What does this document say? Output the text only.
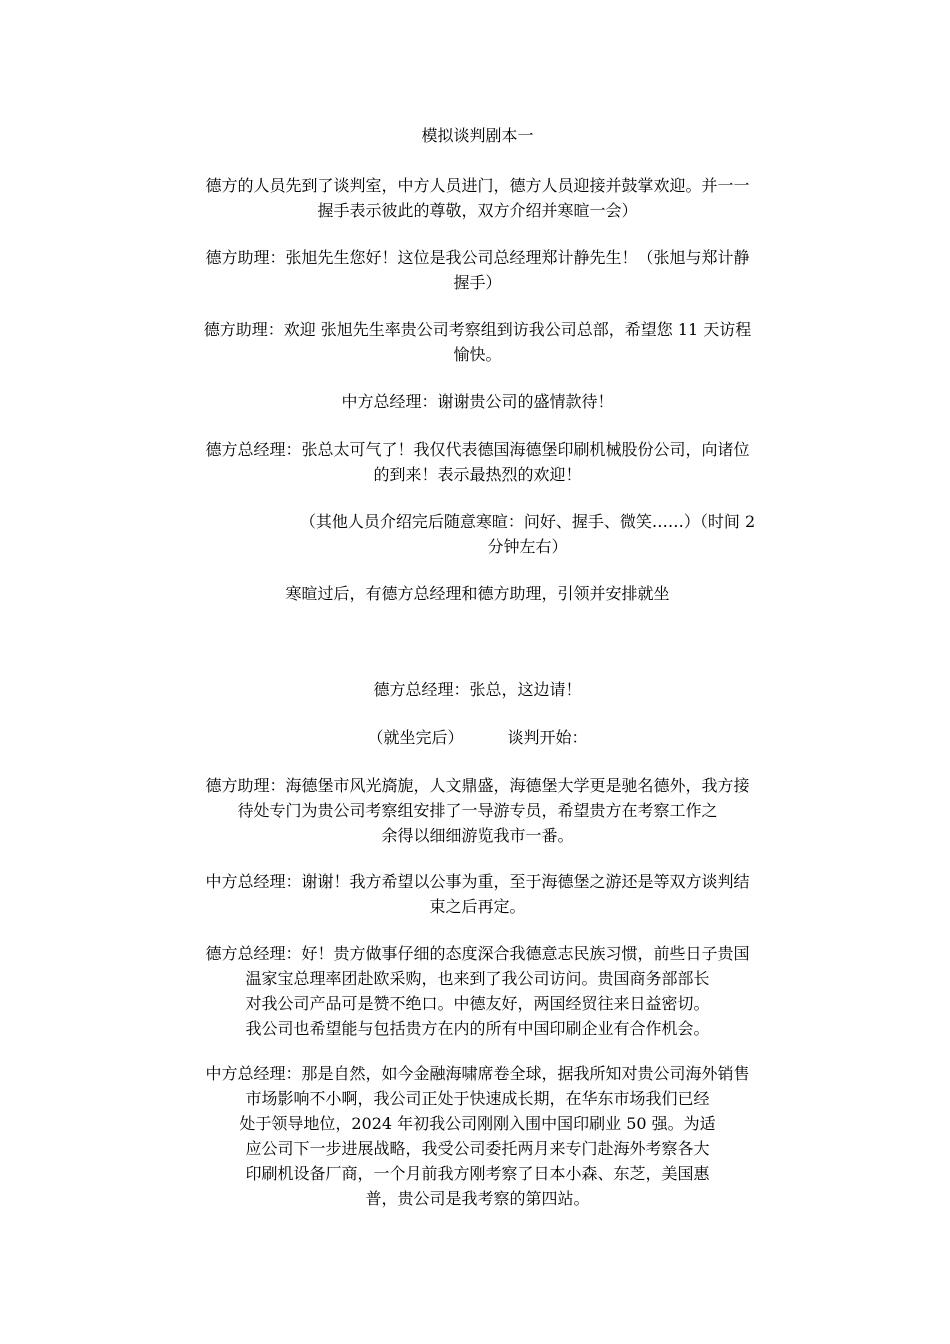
模拟谈判剧本一
德方的人员先到了谈判室，中方人员进门，德方人员迎接并鼓掌欢迎。并一一
握手表示彼此的尊敬，双方介绍并寒暄一会）
德方助理：张旭先生您好！这位是我公司总经理郑计静先生！（张旭与郑计静
握手）
德方助理：欢迎 张旭先生率贵公司考察组到访我公司总部，希望您 11 天访程
愉快。
中方总经理：谢谢贵公司的盛情款待！
德方总经理：张总太可气了！我仅代表德国海德堡印刷机械股份公司，向诸位
的到来！表示最热烈的欢迎！
（其他人员介绍完后随意寒暄：问好、握手、微笑……）（时间 2
分钟左右）
寒暄过后，有德方总经理和德方助理，引领并安排就坐
德方总经理：张总，这边请！
（就坐完后）	谈判开始：
德方助理：海德堡市风光旖旎，人文鼎盛，海德堡大学更是驰名德外，我方接
待处专门为贵公司考察组安排了一导游专员，希望贵方在考察工作之
余得以细细游览我市一番。
中方总经理：谢谢！我方希望以公事为重，至于海德堡之游还是等双方谈判结
束之后再定。
德方总经理：好！贵方做事仔细的态度深合我德意志民族习惯，前些日子贵国
温家宝总理率团赴欧采购，也来到了我公司访问。贵国商务部部长
对我公司产品可是赞不绝口。中德友好，两国经贸往来日益密切。
我公司也希望能与包括贵方在内的所有中国印刷企业有合作机会。
中方总经理：那是自然，如今金融海啸席卷全球，据我所知对贵公司海外销售
市场影响不小啊，我公司正处于快速成长期，在华东市场我们已经
处于领导地位，2024 年初我公司刚刚入围中国印刷业 50 强。为适
应公司下一步进展战略，我受公司委托两月来专门赴海外考察各大
印刷机设备厂商，一个月前我方刚考察了日本小森、东芝，美国惠
普，贵公司是我考察的第四站。
